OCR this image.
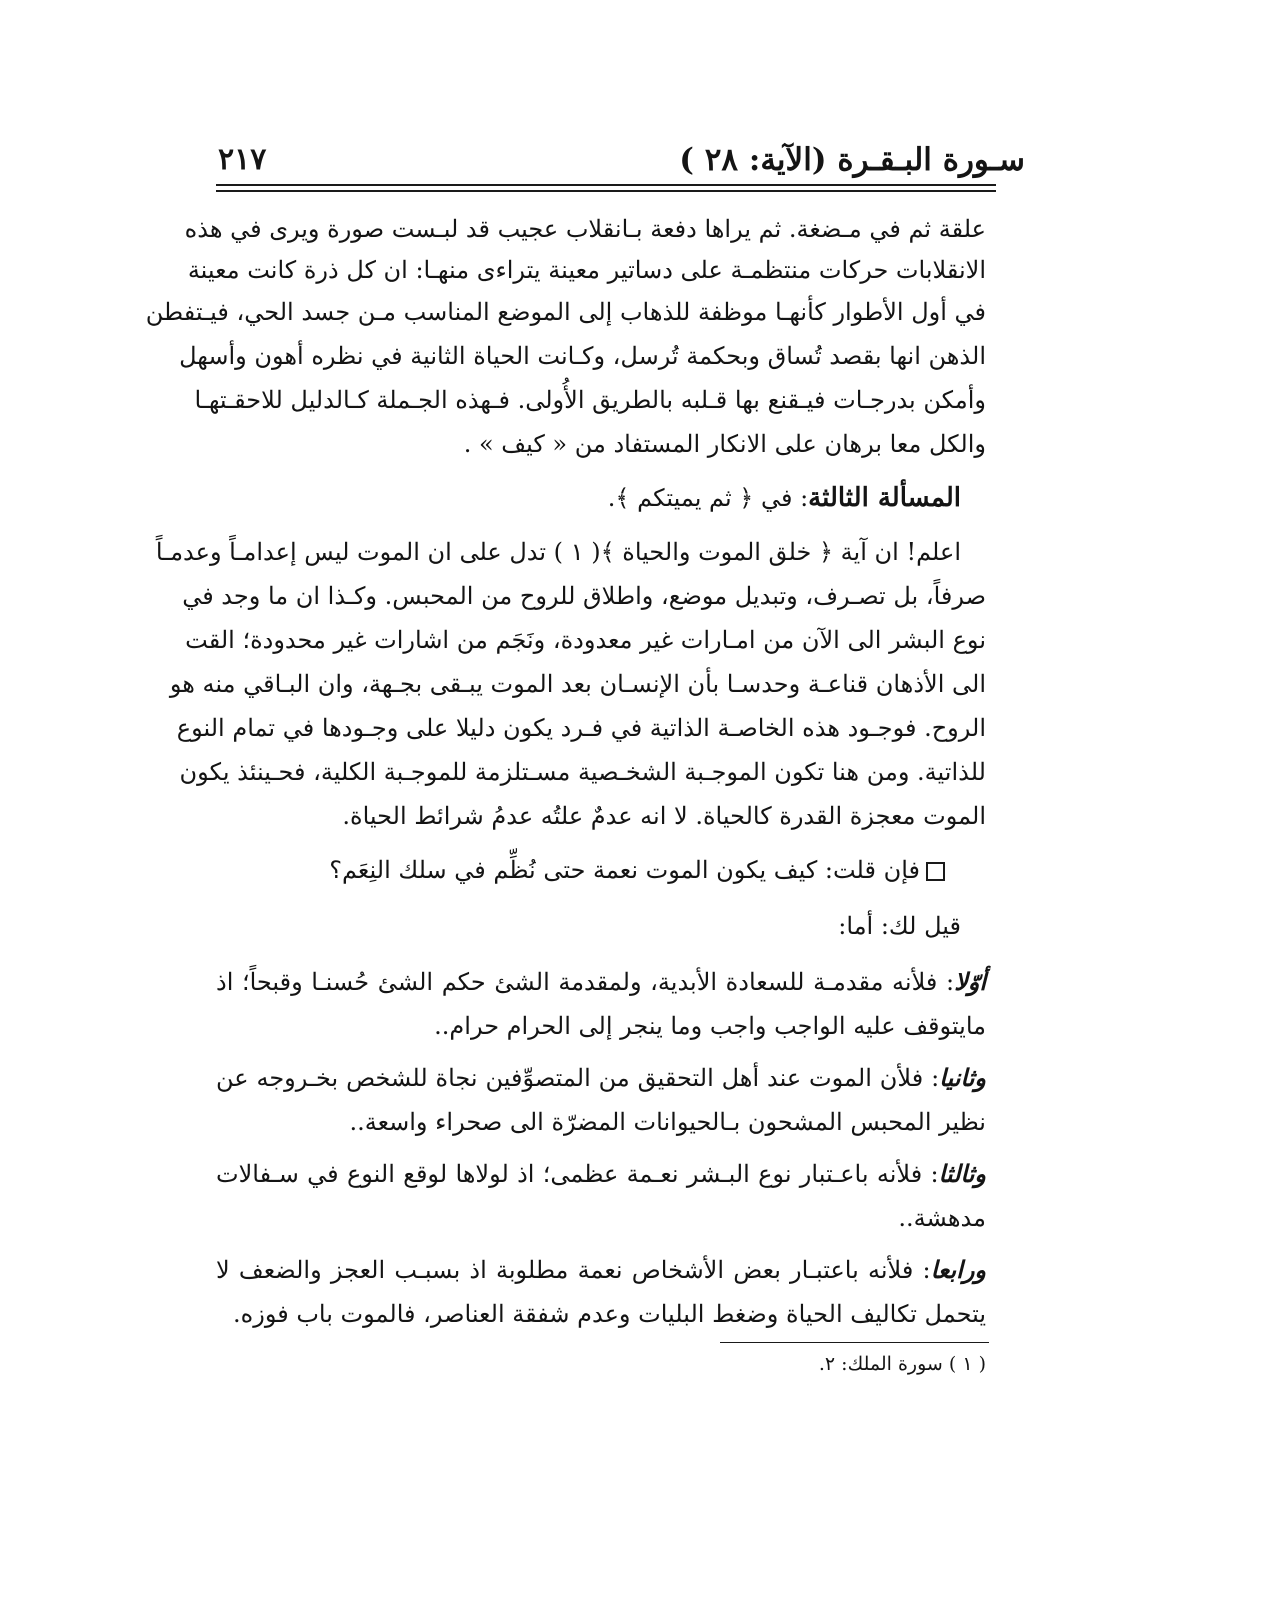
سـورة البـقـرة (الآية: ٢٨ )
٢١٧
علقة ثم في مـضغة. ثم يراها دفعة بـانقلاب عجيب قد لبـست صورة ويرى في هذه
الانقلابات حركات منتظمـة على دساتير معينة يتراءى منهـا: ان كل ذرة كانت معينة
في أول الأطوار كأنهـا موظفة للذهاب إلى الموضع المناسب مـن جسد الحي، فيـتفطن
الذهن انها بقصد تُساق وبحكمة تُرسل، وكـانت الحياة الثانية في نظره أهون وأسهل
وأمكن بدرجـات فيـقنع بها قـلبه بالطريق الأُولى. فـهذه الجـملة كـالدليل للاحقـتهـا
والكل معا برهان على الانكار المستفاد من « كيف » .
المسألة الثالثة: في ﴿ ثم يميتكم ﴾.
اعلم! ان آية ﴿ خلق الموت والحياة ﴾( ١ ) تدل على ان الموت ليس إعدامـاً وعدمـاً
صرفاً، بل تصـرف، وتبديل موضع، واطلاق للروح من المحبس. وكـذا ان ما وجد في
نوع البشر الى الآن من امـارات غير معدودة، ونَجَم من اشارات غير محدودة؛ القت
الى الأذهان قناعـة وحدسـا بأن الإنسـان بعد الموت يبـقى بجـهة، وان البـاقي منه هو
الروح. فوجـود هذه الخاصـة الذاتية في فـرد يكون دليلا على وجـودها في تمام النوع
للذاتية. ومن هنا تكون الموجـبة الشخـصية مسـتلزمة للموجـبة الكلية، فحـينئذ يكون
الموت معجزة القدرة كالحياة. لا انه عدمٌ علتُه عدمُ شرائط الحياة.
فإن قلت: كيف يكون الموت نعمة حتى نُظِّم في سلك النِعَم؟
قيل لك: أما:
أوّلا: فلأنه مقدمـة للسعادة الأبدية، ولمقدمة الشئ حكم الشئ حُسنـا وقبحاً؛ اذ
مايتوقف عليه الواجب واجب وما ينجر إلى الحرام حرام..
وثانيا: فلأن الموت عند أهل التحقيق من المتصوِّفين نجاة للشخص بخـروجه عن
نظير المحبس المشحون بـالحيوانات المضرّة الى صحراء واسعة..
وثالثا: فلأنه باعـتبار نوع البـشر نعـمة عظمى؛ اذ لولاها لوقع النوع في سـفالات
مدهشة..
ورابعا: فلأنه باعتبـار بعض الأشخاص نعمة مطلوبة اذ بسبـب العجز والضعف لا
يتحمل تكاليف الحياة وضغط البليات وعدم شفقة العناصر، فالموت باب فوزه.
( ١ ) سورة الملك: ٢.
